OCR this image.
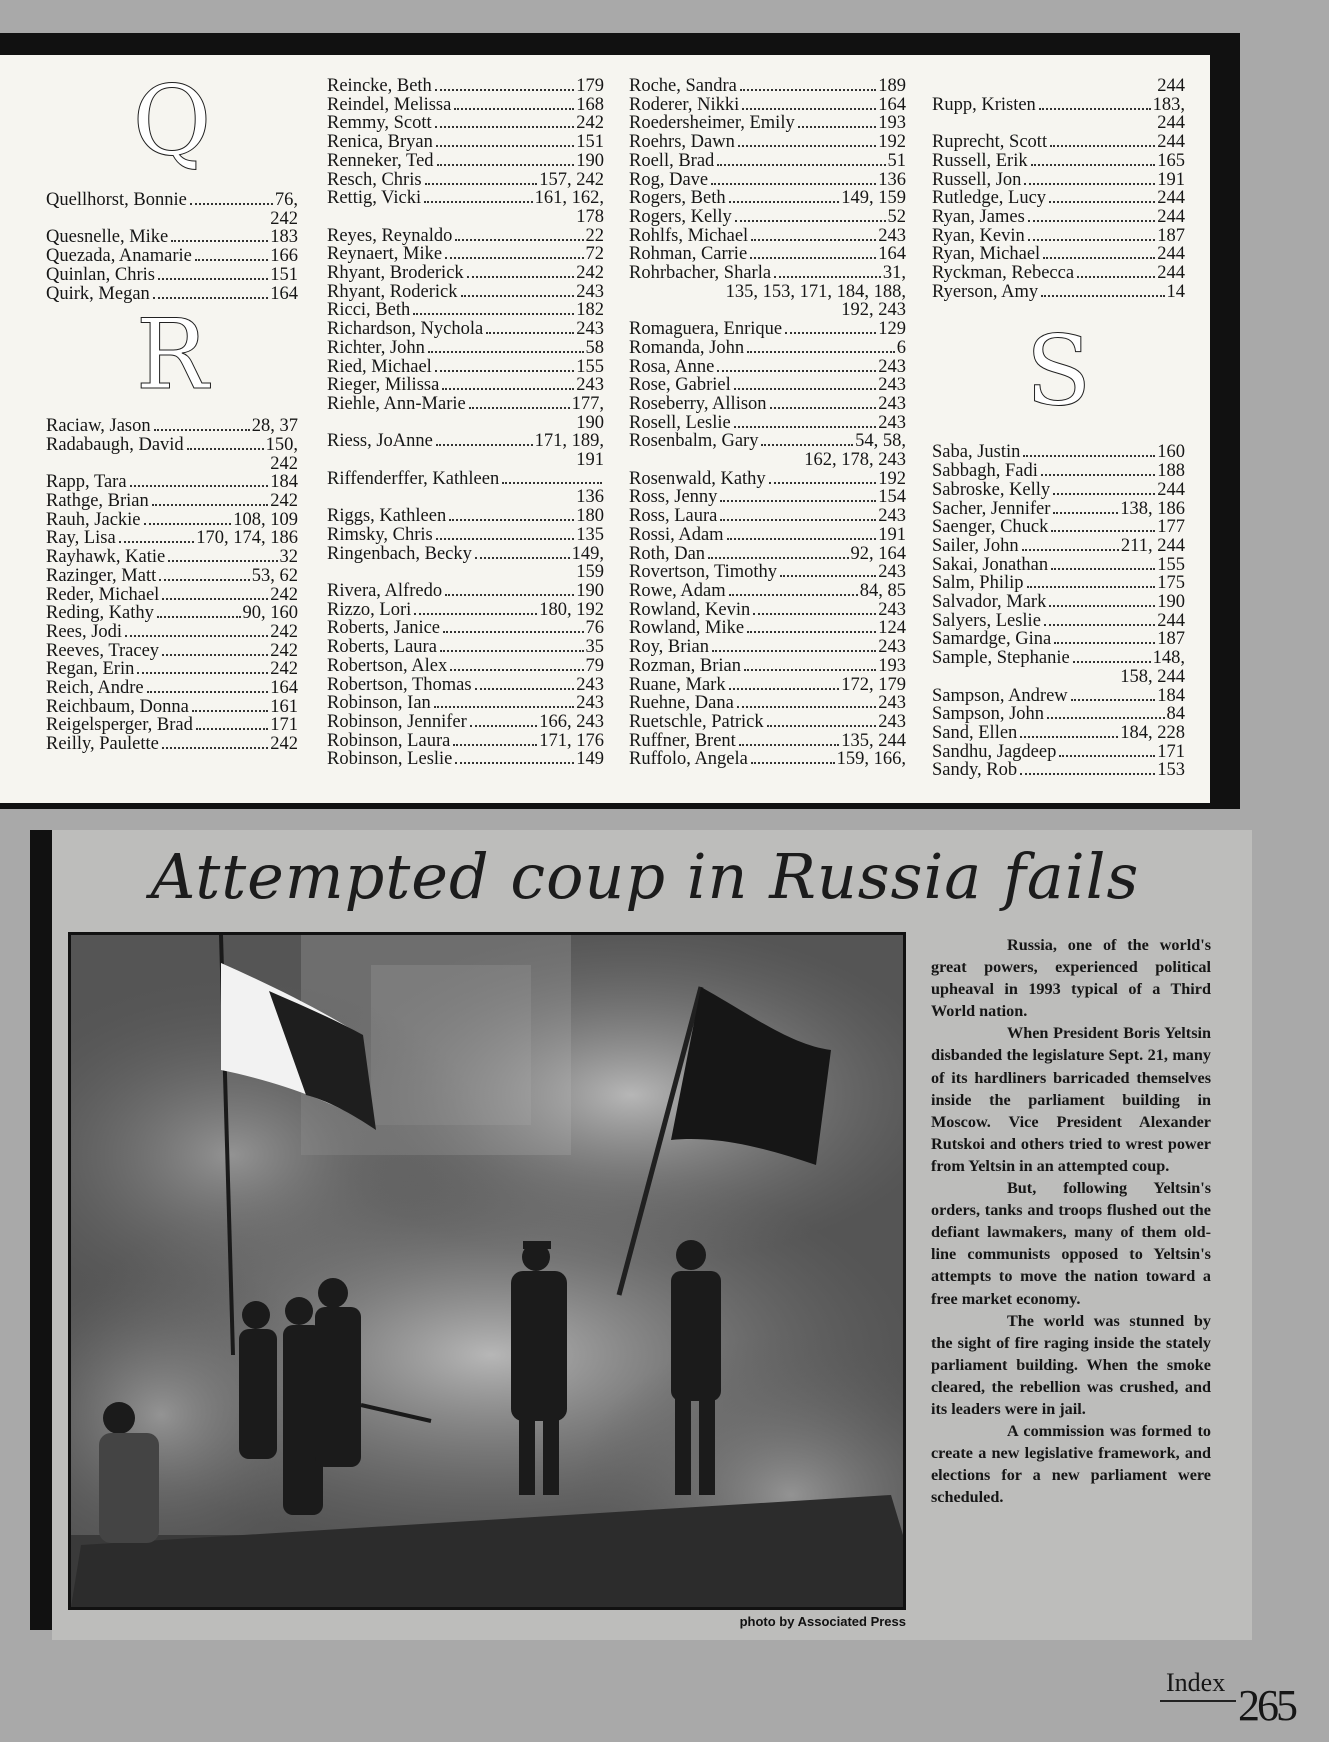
Q
Quellhorst, Bonnie	76,
242
Quesnelle, Mike	183
Quezada, Anamarie	166
Quinlan, Chris	151
Quirk, Megan	164
R
Raciaw, Jason	28, 37
Radabaugh, David	150,
242
Rapp, Tara	184
Rathge, Brian	242
Rauh, Jackie	108, 109
Ray, Lisa	170, 174, 186
Rayhawk, Katie	32
Razinger, Matt	53, 62
Reder, Michael	242
Reding, Kathy	90, 160
Rees, Jodi	242
Reeves, Tracey	242
Regan, Erin	242
Reich, Andre	164
Reichbaum, Donna	161
Reigelsperger, Brad	171
Reilly, Paulette	242
Reincke, Beth	179
Reindel, Melissa	168
Remmy, Scott	242
Renica, Bryan	151
Renneker, Ted	190
Resch, Chris	157, 242
Rettig, Vicki	161, 162,
178
Reyes, Reynaldo	22
Reynaert, Mike	72
Rhyant, Broderick	242
Rhyant, Roderick	243
Ricci, Beth	182
Richardson, Nychola	243
Richter, John	58
Ried, Michael	155
Rieger, Milissa	243
Riehle, Ann-Marie	177,
190
Riess, JoAnne	171, 189,
191
Riffenderffer, Kathleen
136
Riggs, Kathleen	180
Rimsky, Chris	135
Ringenbach, Becky	149,
159
Rivera, Alfredo	190
Rizzo, Lori	180, 192
Roberts, Janice	76
Roberts, Laura	35
Robertson, Alex	79
Robertson, Thomas	243
Robinson, Ian	243
Robinson, Jennifer	166, 243
Robinson, Laura	171, 176
Robinson, Leslie	149
Roche, Sandra	189
Roderer, Nikki	164
Roedersheimer, Emily	193
Roehrs, Dawn	192
Roell, Brad	51
Rog, Dave	136
Rogers, Beth	149, 159
Rogers, Kelly	52
Rohlfs, Michael	243
Rohman, Carrie	164
Rohrbacher, Sharla	31,
135, 153, 171, 184, 188,
192, 243
Romaguera, Enrique	129
Romanda, John	6
Rosa, Anne	243
Rose, Gabriel	243
Roseberry, Allison	243
Rosell, Leslie	243
Rosenbalm, Gary	54, 58,
162, 178, 243
Rosenwald, Kathy	192
Ross, Jenny	154
Ross, Laura	243
Rossi, Adam	191
Roth, Dan	92, 164
Rovertson, Timothy	243
Rowe, Adam	84, 85
Rowland, Kevin	243
Rowland, Mike	124
Roy, Brian	243
Rozman, Brian	193
Ruane, Mark	172, 179
Ruehne, Dana	243
Ruetschle, Patrick	243
Ruffner, Brent	135, 244
Ruffolo, Angela	159, 166,
244
Rupp, Kristen	183,
244
Ruprecht, Scott	244
Russell, Erik	165
Russell, Jon	191
Rutledge, Lucy	244
Ryan, James	244
Ryan, Kevin	187
Ryan, Michael	244
Ryckman, Rebecca	244
Ryerson, Amy	14
S
Saba, Justin	160
Sabbagh, Fadi	188
Sabroske, Kelly	244
Sacher, Jennifer	138, 186
Saenger, Chuck	177
Sailer, John	211, 244
Sakai, Jonathan	155
Salm, Philip	175
Salvador, Mark	190
Salyers, Leslie	244
Samardge, Gina	187
Sample, Stephanie	148,
158, 244
Sampson, Andrew	184
Sampson, John	84
Sand, Ellen	184, 228
Sandhu, Jagdeep	171
Sandy, Rob	153
Attempted coup in Russia fails
photo by Associated Press

Russia, one of the world's great powers, experienced political upheaval in 1993 typical of a Third World nation.

When President Boris Yeltsin disbanded the legislature Sept. 21, many of its hardliners barricaded themselves inside the parliament building in Moscow. Vice President Alexander Rutskoi and others tried to wrest power from Yeltsin in an attempted coup.

But, following Yeltsin's orders, tanks and troops flushed out the defiant lawmakers, many of them old-line communists opposed to Yeltsin's attempts to move the nation toward a free market economy.

The world was stunned by the sight of fire raging inside the stately parliament building. When the smoke cleared, the rebellion was crushed, and its leaders were in jail.

A commission was formed to create a new legislative framework, and elections for a new parliament were scheduled.

Index 265
